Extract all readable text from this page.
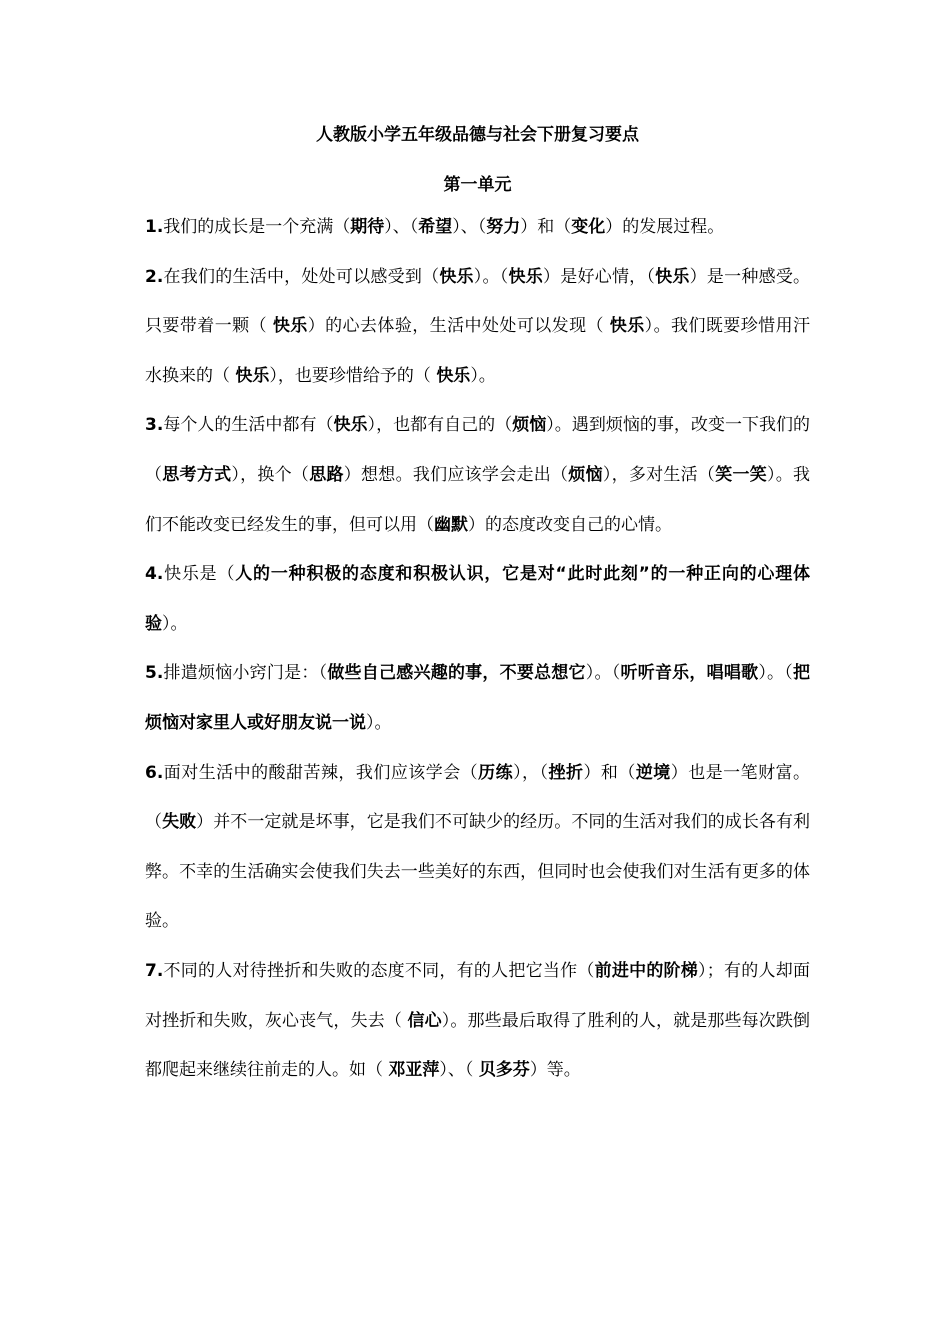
人教版小学五年级品德与社会下册复习要点
第一单元

1.我们的成长是一个充满（期待）、（希望）、（努力）和（变化）的发展过程。

2.在我们的生活中，处处可以感受到（快乐）。（快乐）是好心情，（快乐）是一种感受。只要带着一颗（ 快乐）的心去体验，生活中处处可以发现（ 快乐）。我们既要珍惜用汗水换来的（ 快乐），也要珍惜给予的（ 快乐）。

3.每个人的生活中都有（快乐），也都有自己的（烦恼）。遇到烦恼的事，改变一下我们的（思考方式），换个（思路）想想。我们应该学会走出（烦恼），多对生活（笑一笑）。我们不能改变已经发生的事，但可以用（幽默）的态度改变自己的心情。

4.快乐是（人的一种积极的态度和积极认识，它是对“此时此刻”的一种正向的心理体验）。

5.排遣烦恼小窍门是：（做些自己感兴趣的事，不要总想它）。（听听音乐，唱唱歌）。（把烦恼对家里人或好朋友说一说）。

6.面对生活中的酸甜苦辣，我们应该学会（历练），（挫折）和（逆境）也是一笔财富。（失败）并不一定就是坏事，它是我们不可缺少的经历。不同的生活对我们的成长各有利弊。不幸的生活确实会使我们失去一些美好的东西，但同时也会使我们对生活有更多的体验。

7.不同的人对待挫折和失败的态度不同，有的人把它当作（前进中的阶梯）；有的人却面对挫折和失败，灰心丧气，失去（ 信心）。那些最后取得了胜利的人，就是那些每次跌倒都爬起来继续往前走的人。如（ 邓亚萍）、（ 贝多芬）等。
